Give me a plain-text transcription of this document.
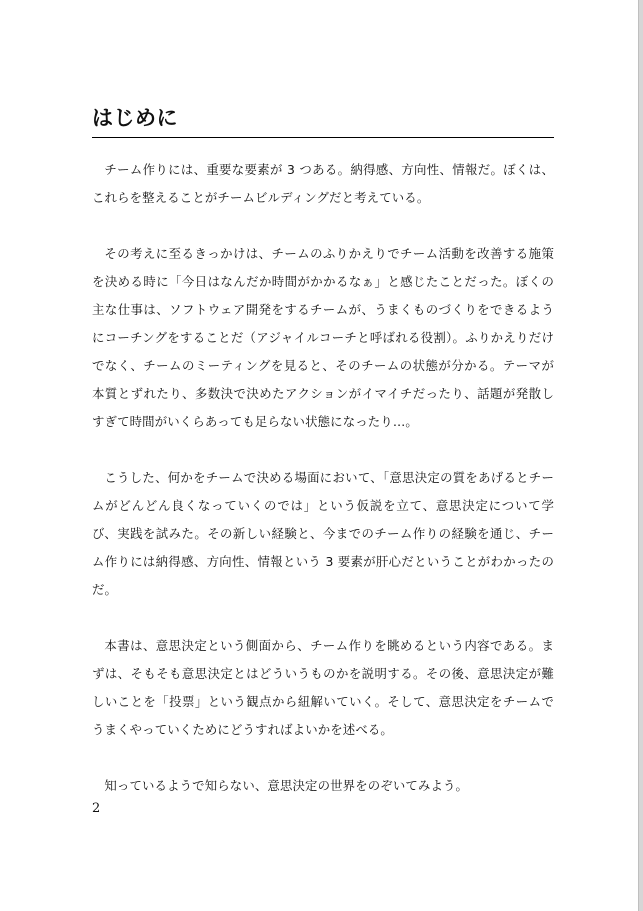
はじめに

チーム作りには、重要な要素が 3 つある。納得感、方向性、情報だ。ぼくは、これらを整えることがチームビルディングだと考えている。

その考えに至るきっかけは、チームのふりかえりでチーム活動を改善する施策を決める時に「今日はなんだか時間がかかるなぁ」と感じたことだった。ぼくの主な仕事は、ソフトウェア開発をするチームが、うまくものづくりをできるようにコーチングをすることだ（アジャイルコーチと呼ばれる役割）。ふりかえりだけでなく、チームのミーティングを見ると、そのチームの状態が分かる。テーマが本質とずれたり、多数決で決めたアクションがイマイチだったり、話題が発散しすぎて時間がいくらあっても足らない状態になったり…。

こうした、何かをチームで決める場面において、「意思決定の質をあげるとチームがどんどん良くなっていくのでは」という仮説を立て、意思決定について学び、実践を試みた。その新しい経験と、今までのチーム作りの経験を通じ、チーム作りには納得感、方向性、情報という 3 要素が肝心だということがわかったのだ。

本書は、意思決定という側面から、チーム作りを眺めるという内容である。まずは、そもそも意思決定とはどういうものかを説明する。その後、意思決定が難しいことを「投票」という観点から紐解いていく。そして、意思決定をチームでうまくやっていくためにどうすればよいかを述べる。

知っているようで知らない、意思決定の世界をのぞいてみよう。

2
